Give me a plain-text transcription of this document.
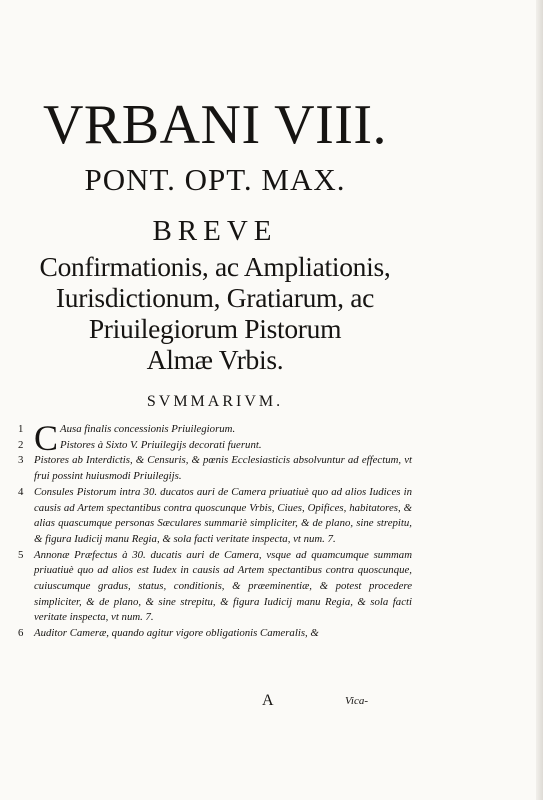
VRBANI VIII.
PONT. OPT. MAX.
BREVE
Confirmationis, ac Ampliationis,
Iurisdictionum, Gratiarum, ac
Priuilegiorum Pistorum
Almæ Vrbis.
SVMMARIVM.
1 C Ausa finalis concessionis Priuilegiorum.
2	Pistores à Sixto V. Priuilegijs decorati fuerunt.
3 Pistores ab Interdictis, & Censuris, & pœnis Ecclesiasticis absolvuntur ad effectum, vt frui possint huiusmodi Priuilegijs.
4 Consules Pistorum intra 30. ducatos auri de Camera priuatiuè quo ad alios Iudices in causis ad Artem spectantibus contra quoscunque Vrbis, Ciues, Opifices, habitatores, & alias quascumque personas Sæculares summariè simpliciter, & de plano, sine strepitu, & figura Iudicij manu Regia, & sola facti veritate inspecta, vt num. 7.
5 Annonæ Præfectus à 30. ducatis auri de Camera, vsque ad quamcumque summam priuatiuè quo ad alios est Iudex in causis ad Artem spectantibus contra quoscunque, cuiuscumque gradus, status, conditionis, & præeminentiæ, & potest procedere simpliciter, & de plano, & sine strepitu, & figura Iudicij manu Regia, & sola facti veritate inspecta, vt num. 7.
6 Auditor Cameræ, quando agitur vigore obligationis Cameralis, &
A	Vica-
